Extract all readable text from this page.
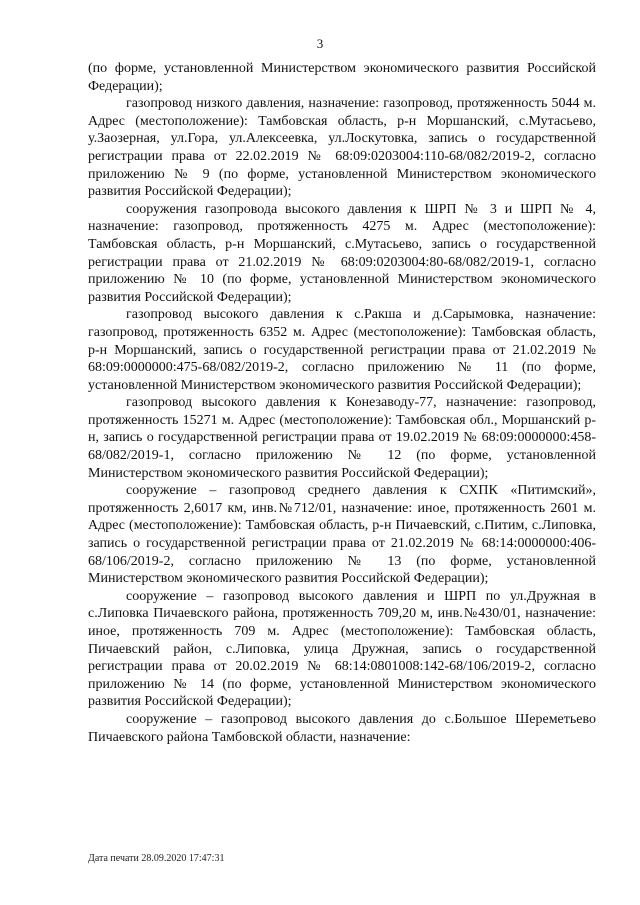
3

(по форме, установленной Министерством экономического развития Российской Федерации);

газопровод низкого давления, назначение: газопровод, протяженность 5044 м. Адрес (местоположение): Тамбовская область, р-н Моршанский, с.Мутасьево, у.Заозерная, ул.Гора, ул.Алексеевка, ул.Лоскутовка, запись о государственной регистрации права от 22.02.2019 № 68:09:0203004:110-68/082/2019-2, согласно приложению № 9 (по форме, установленной Министерством экономического развития Российской Федерации);

сооружения газопровода высокого давления к ШРП № 3 и ШРП № 4, назначение: газопровод, протяженность 4275 м. Адрес (местоположение): Тамбовская область, р-н Моршанский, с.Мутасьево, запись о государственной регистрации права от 21.02.2019 № 68:09:0203004:80-68/082/2019-1, согласно приложению № 10 (по форме, установленной Министерством экономического развития Российской Федерации);

газопровод высокого давления к с.Ракша и д.Сарымовка, назначение: газопровод, протяженность 6352 м. Адрес (местоположение): Тамбовская область, р-н Моршанский, запись о государственной регистрации права от 21.02.2019 № 68:09:0000000:475-68/082/2019-2, согласно приложению № 11 (по форме, установленной Министерством экономического развития Российской Федерации);

газопровод высокого давления к Конезаводу-77, назначение: газопровод, протяженность 15271 м. Адрес (местоположение): Тамбовская обл., Моршанский р-н, запись о государственной регистрации права от 19.02.2019 № 68:09:0000000:458-68/082/2019-1, согласно приложению № 12 (по форме, установленной Министерством экономического развития Российской Федерации);

сооружение – газопровод среднего давления к СХПК «Питимский», протяженность 2,6017 км, инв.№712/01, назначение: иное, протяженность 2601 м. Адрес (местоположение): Тамбовская область, р-н Пичаевский, с.Питим, с.Липовка, запись о государственной регистрации права от 21.02.2019 № 68:14:0000000:406-68/106/2019-2, согласно приложению № 13 (по форме, установленной Министерством экономического развития Российской Федерации);

сооружение – газопровод высокого давления и ШРП по ул.Дружная в с.Липовка Пичаевского района, протяженность 709,20 м, инв.№430/01, назначение: иное, протяженность 709 м. Адрес (местоположение): Тамбовская область, Пичаевский район, с.Липовка, улица Дружная, запись о государственной регистрации права от 20.02.2019 № 68:14:0801008:142-68/106/2019-2, согласно приложению № 14 (по форме, установленной Министерством экономического развития Российской Федерации);

сооружение – газопровод высокого давления до с.Большое Шереметьево Пичаевского района Тамбовской области, назначение:

Дата печати 28.09.2020 17:47:31
